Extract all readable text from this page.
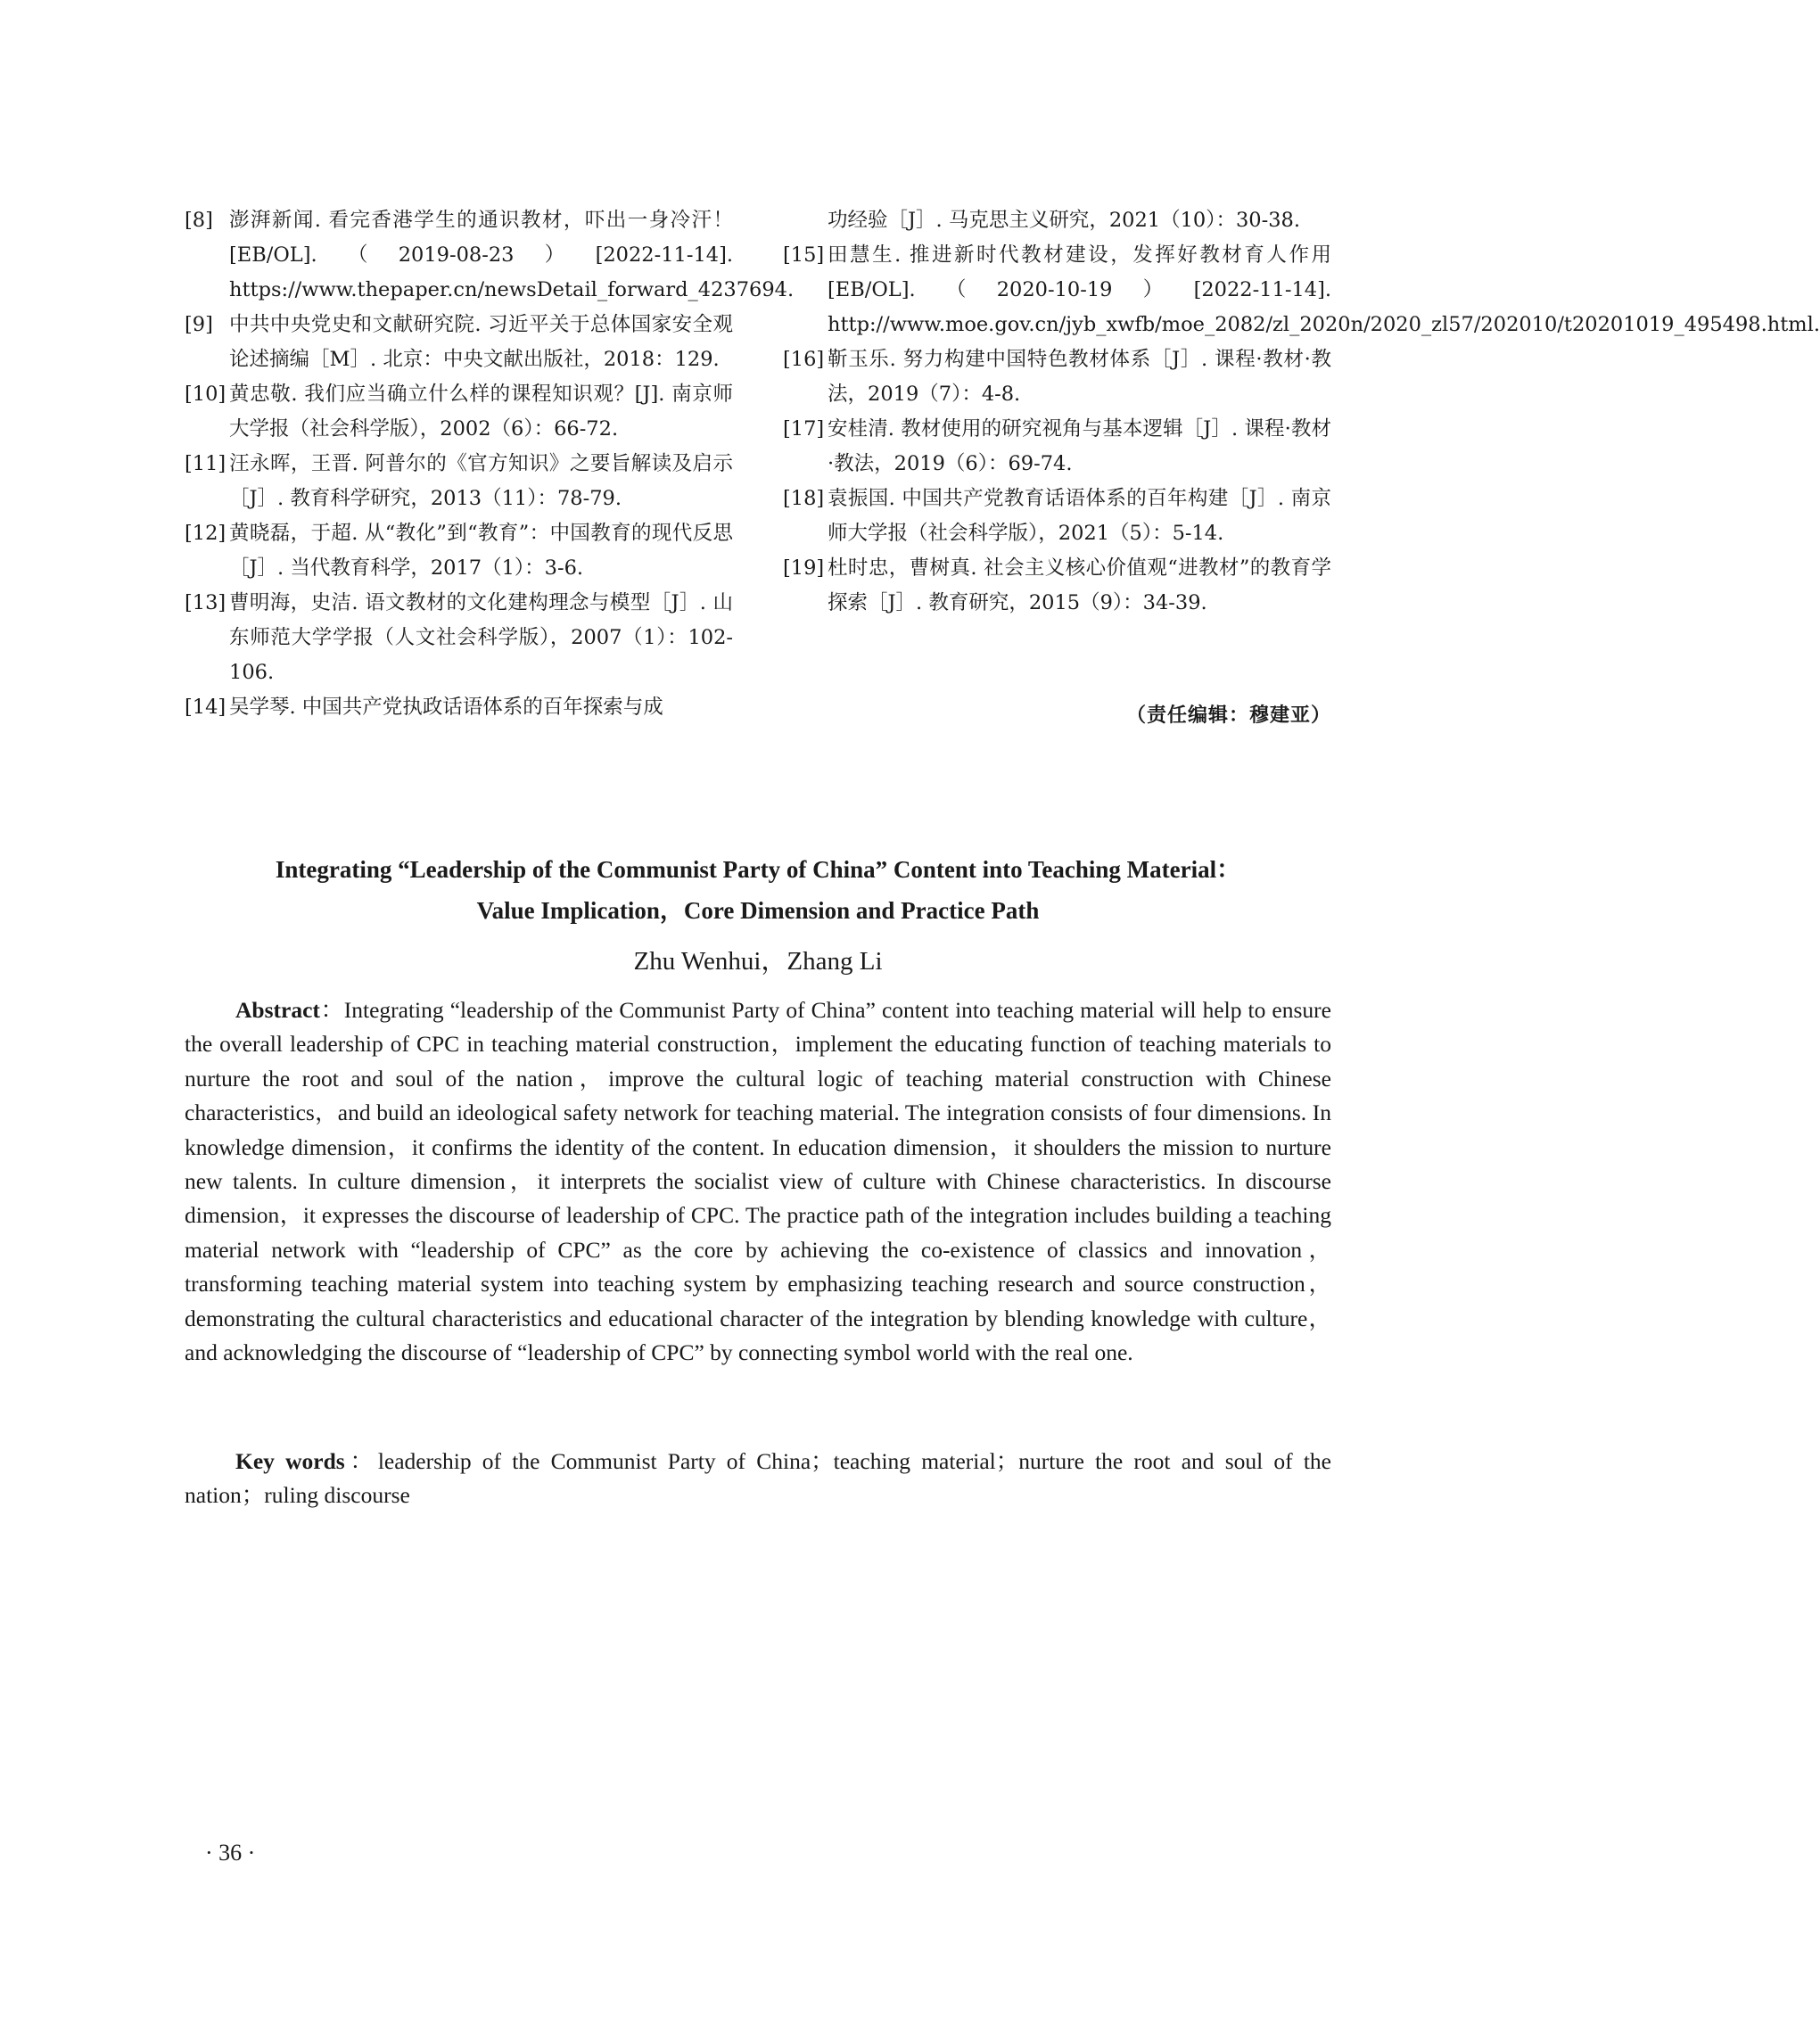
[8] 澎湃新闻. 看完香港学生的通识教材，吓出一身冷汗！[EB/OL].（2019-08-23）[2022-11-14]. https://www.thepaper.cn/newsDetail_forward_4237694.
[9] 中共中央党史和文献研究院. 习近平关于总体国家安全观论述摘编［M］. 北京：中央文献出版社，2018：129.
[10] 黄忠敬. 我们应当确立什么样的课程知识观？[J]. 南京师大学报（社会科学版），2002（6）：66-72.
[11] 汪永晖，王晋. 阿普尔的《官方知识》之要旨解读及启示［J］. 教育科学研究，2013（11）：78-79.
[12] 黄晓磊，于超. 从“教化”到“教育”：中国教育的现代反思［J］. 当代教育科学，2017（1）：3-6.
[13] 曹明海，史洁. 语文教材的文化建构理念与模型［J］. 山东师范大学学报（人文社会科学版），2007（1）：102-106.
[14] 吴学琴. 中国共产党执政话语体系的百年探索与成
功经验［J］. 马克思主义研究，2021（10）：30-38.
[15] 田慧生. 推进新时代教材建设，发挥好教材育人作用[EB/OL].（2020-10-19）[2022-11-14]. http://www.moe.gov.cn/jyb_xwfb/moe_2082/zl_2020n/2020_zl57/202010/t20201019_495498.html.
[16] 靳玉乐. 努力构建中国特色教材体系［J］. 课程·教材·教法，2019（7）：4-8.
[17] 安桂清. 教材使用的研究视角与基本逻辑［J］. 课程·教材·教法，2019（6）：69-74.
[18] 袁振国. 中国共产党教育话语体系的百年构建［J］. 南京师大学报（社会科学版），2021（5）：5-14.
[19] 杜时忠，曹树真. 社会主义核心价值观“进教材”的教育学探索［J］. 教育研究，2015（9）：34-39.
（责任编辑：穆建亚）
Integrating “Leadership of the Communist Party of China” Content into Teaching Material：
Value Implication，Core Dimension and Practice Path
Zhu Wenhui，Zhang Li
Abstract：Integrating “leadership of the Communist Party of China” content into teaching material will help to ensure the overall leadership of CPC in teaching material construction，implement the educating function of teaching materials to nurture the root and soul of the nation，improve the cultural logic of teaching material construction with Chinese characteristics，and build an ideological safety network for teaching material. The integration consists of four dimensions. In knowledge dimension，it confirms the identity of the content. In education dimension，it shoulders the mission to nurture new talents. In culture dimension，it interprets the socialist view of culture with Chinese characteristics. In discourse dimension，it expresses the discourse of leadership of CPC. The practice path of the integration includes building a teaching material network with “leadership of CPC” as the core by achieving the co-existence of classics and innovation，transforming teaching material system into teaching system by emphasizing teaching research and source construction，demonstrating the cultural characteristics and educational character of the integration by blending knowledge with culture，and acknowledging the discourse of “leadership of CPC” by connecting symbol world with the real one.
Key words：leadership of the Communist Party of China；teaching material；nurture the root and soul of the nation；ruling discourse
· 36 ·
